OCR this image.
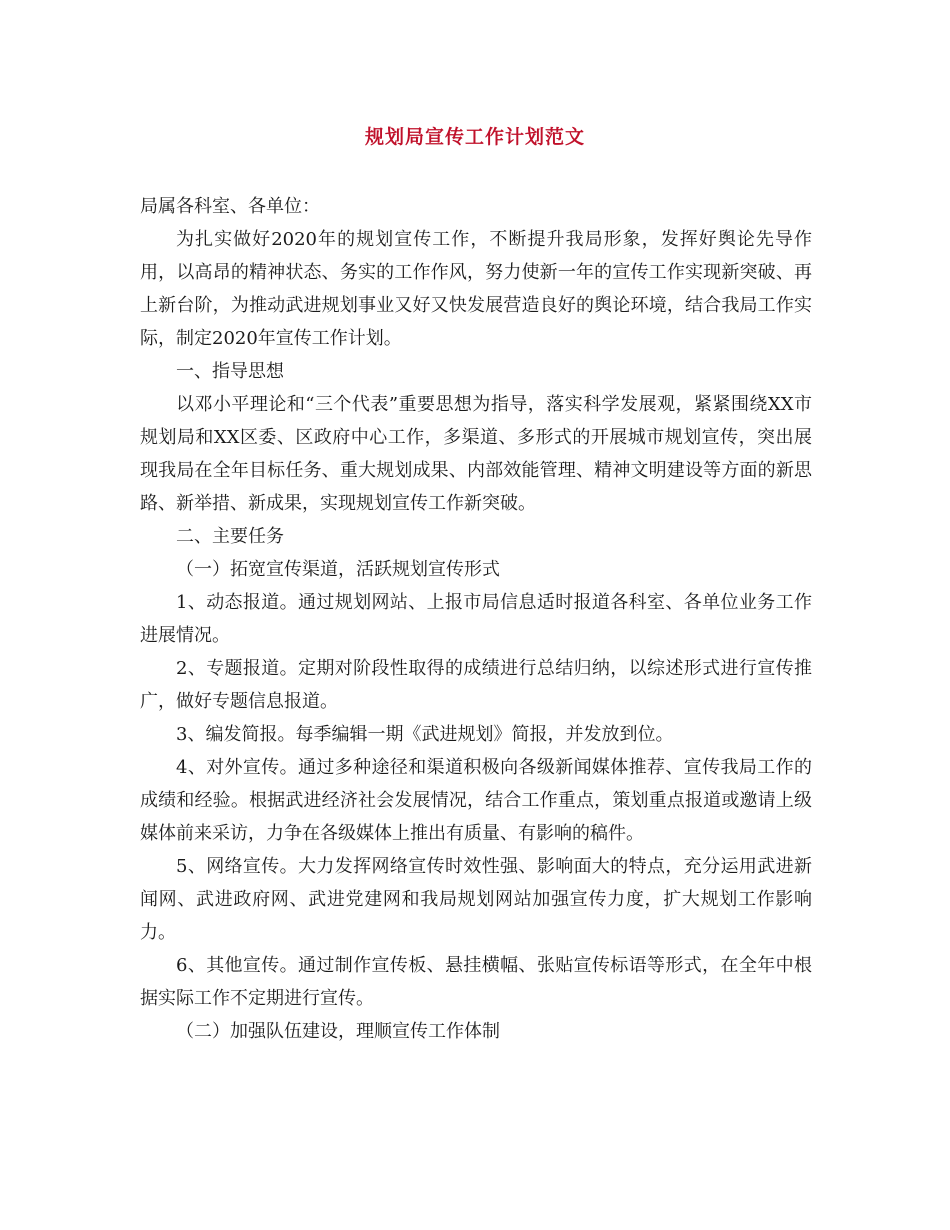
规划局宣传工作计划范文

局属各科室、各单位：

为扎实做好2020年的规划宣传工作，不断提升我局形象，发挥好舆论先导作用，以高昂的精神状态、务实的工作作风，努力使新一年的宣传工作实现新突破、再上新台阶，为推动武进规划事业又好又快发展营造良好的舆论环境，结合我局工作实际，制定2020年宣传工作计划。

一、指导思想

以邓小平理论和“三个代表”重要思想为指导，落实科学发展观，紧紧围绕XX市规划局和XX区委、区政府中心工作，多渠道、多形式的开展城市规划宣传，突出展现我局在全年目标任务、重大规划成果、内部效能管理、精神文明建设等方面的新思路、新举措、新成果，实现规划宣传工作新突破。

二、主要任务

（一）拓宽宣传渠道，活跃规划宣传形式

1、动态报道。通过规划网站、上报市局信息适时报道各科室、各单位业务工作进展情况。

2、专题报道。定期对阶段性取得的成绩进行总结归纳，以综述形式进行宣传推广，做好专题信息报道。

3、编发简报。每季编辑一期《武进规划》简报，并发放到位。

4、对外宣传。通过多种途径和渠道积极向各级新闻媒体推荐、宣传我局工作的成绩和经验。根据武进经济社会发展情况，结合工作重点，策划重点报道或邀请上级媒体前来采访，力争在各级媒体上推出有质量、有影响的稿件。

5、网络宣传。大力发挥网络宣传时效性强、影响面大的特点，充分运用武进新闻网、武进政府网、武进党建网和我局规划网站加强宣传力度，扩大规划工作影响力。

6、其他宣传。通过制作宣传板、悬挂横幅、张贴宣传标语等形式，在全年中根据实际工作不定期进行宣传。

（二）加强队伍建设，理顺宣传工作体制
